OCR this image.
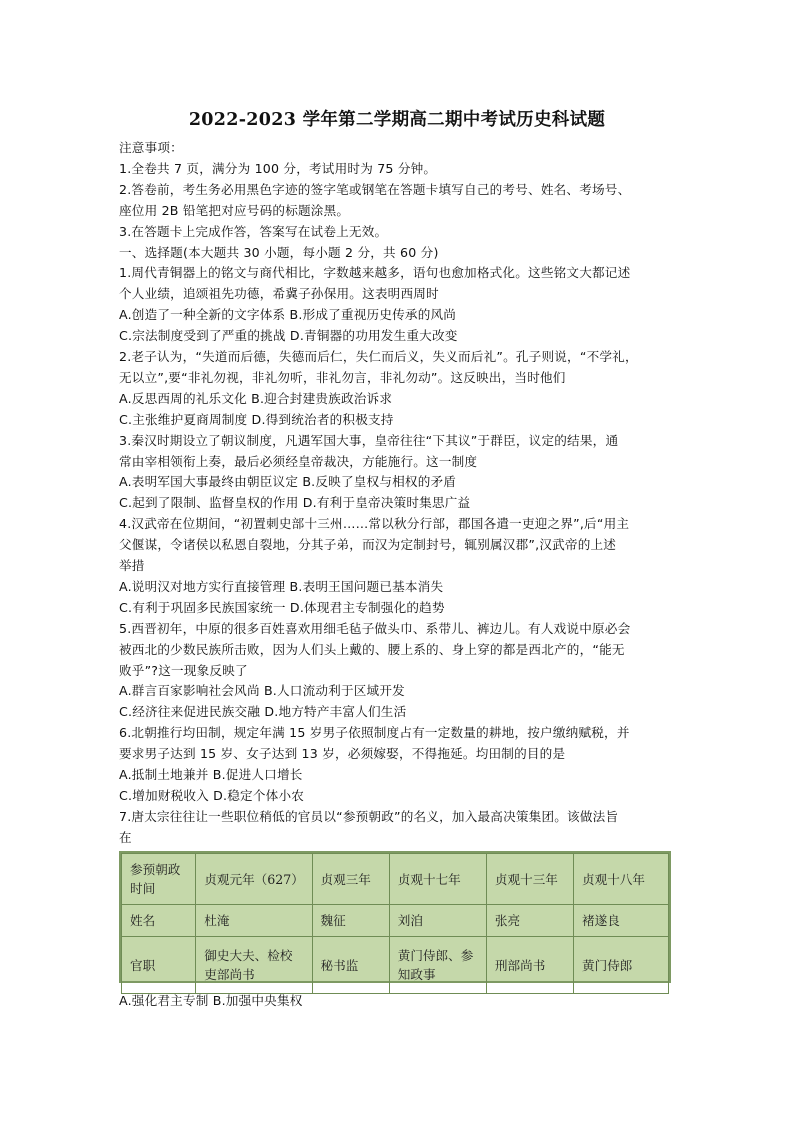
2022-2023 学年第二学期高二期中考试历史科试题
注意事项：
1.全卷共 7 页，满分为 100 分，考试用时为 75 分钟。
2.答卷前，考生务必用黑色字迹的签字笔或钢笔在答题卡填写自己的考号、姓名、考场号、
座位用 2B 铅笔把对应号码的标题涂黑。
3.在答题卡上完成作答，答案写在试卷上无效。
一、选择题(本大题共 30 小题，每小题 2 分，共 60 分)
1.周代青铜器上的铭文与商代相比，字数越来越多，语句也愈加格式化。这些铭文大都记述
个人业绩，追颂祖先功德，希冀子孙保用。这表明西周时
A.创造了一种全新的文字体系 B.形成了重视历史传承的风尚
C.宗法制度受到了严重的挑战 D.青铜器的功用发生重大改变
2.老子认为，“失道而后德，失德而后仁，失仁而后义，失义而后礼”。孔子则说，“不学礼，
无以立”,要“非礼勿视，非礼勿听，非礼勿言，非礼勿动”。这反映出，当时他们
A.反思西周的礼乐文化 B.迎合封建贵族政治诉求
C.主张维护夏商周制度 D.得到统治者的积极支持
3.秦汉时期设立了朝议制度，凡遇军国大事，皇帝往往“下其议”于群臣，议定的结果，通
常由宰相领衔上奏，最后必须经皇帝裁决，方能施行。这一制度
A.表明军国大事最终由朝臣议定 B.反映了皇权与相权的矛盾
C.起到了限制、监督皇权的作用 D.有利于皇帝决策时集思广益
4.汉武帝在位期间，“初置刺史部十三州……常以秋分行部，郡国各遣一吏迎之界”,后“用主
父偃谋，令诸侯以私恩自裂地，分其子弟，而汉为定制封号，辄别属汉郡”,汉武帝的上述
举措
A.说明汉对地方实行直接管理 B.表明王国问题已基本消失
C.有利于巩固多民族国家统一 D.体现君主专制强化的趋势
5.西晋初年，中原的很多百姓喜欢用细毛毡子做头巾、系带儿、裤边儿。有人戏说中原必会
被西北的少数民族所击败，因为人们头上戴的、腰上系的、身上穿的都是西北产的，“能无
败乎”?这一现象反映了
A.群言百家影响社会风尚 B.人口流动利于区域开发
C.经济往来促进民族交融 D.地方特产丰富人们生活
6.北朝推行均田制，规定年满 15 岁男子依照制度占有一定数量的耕地，按户缴纳赋税，并
要求男子达到 15 岁、女子达到 13 岁，必须嫁娶，不得拖延。均田制的目的是
A.抵制土地兼并 B.促进人口增长
C.增加财税收入 D.稳定个体小农
7.唐太宗往往让一些职位稍低的官员以“参预朝政”的名义，加入最高决策集团。该做法旨
在
参预朝政时间	贞观元年（627）	贞观三年	贞观十七年	贞观十三年	贞观十八年
姓名	杜淹	魏征	刘洎	张亮	褚遂良
官职	御史大夫、检校吏部尚书	秘书监	黄门侍郎、参知政事	刑部尚书	黄门侍郎
A.强化君主专制 B.加强中央集权
